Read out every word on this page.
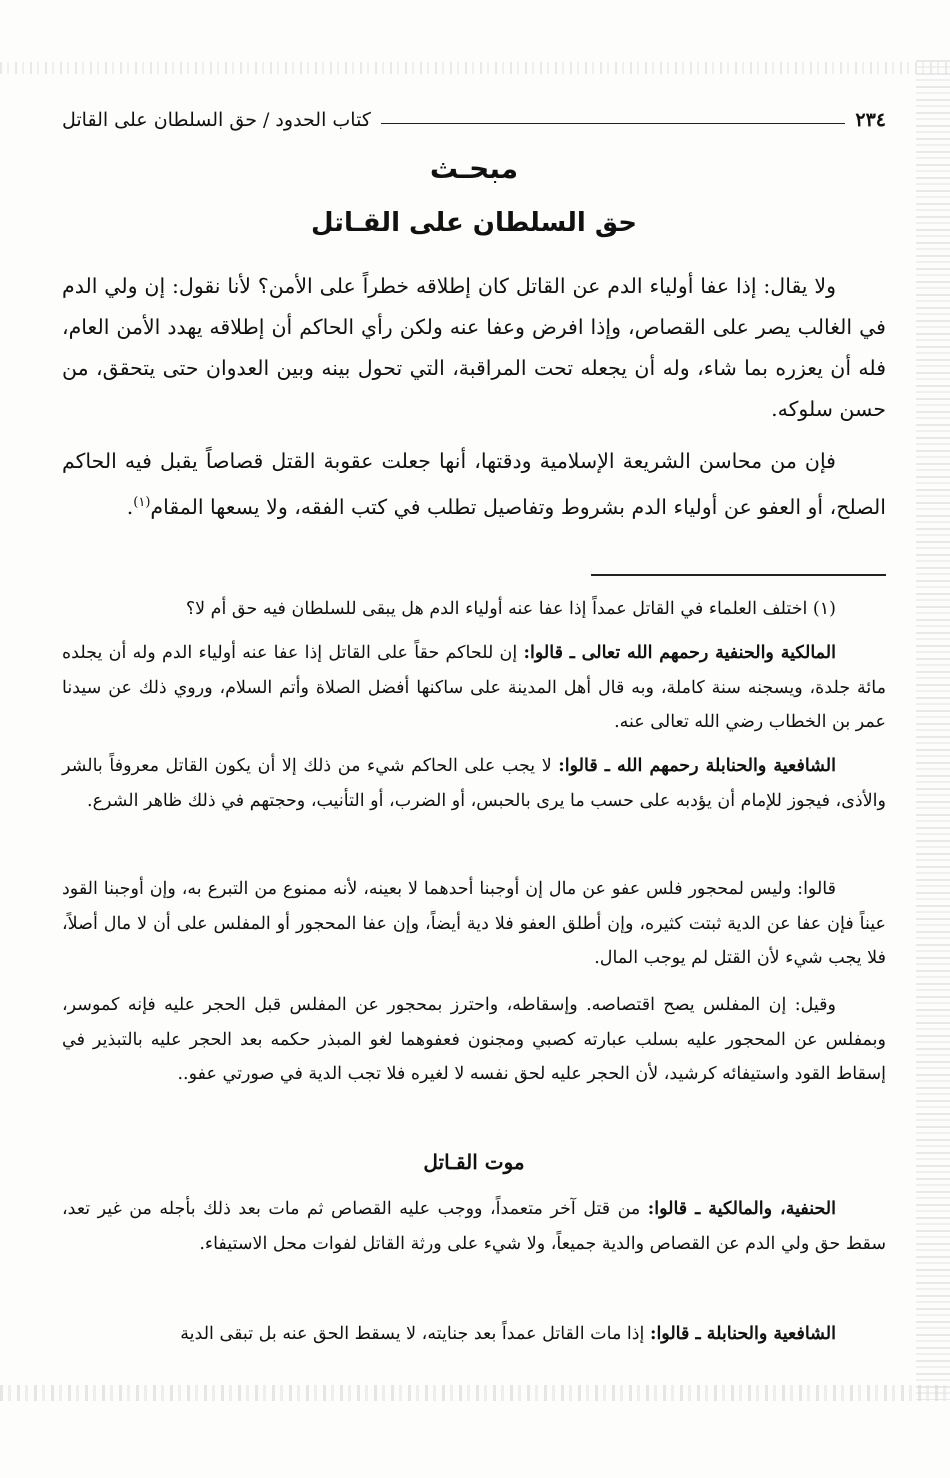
٢٣٤
كتاب الحدود / حق السلطان على القاتل
مبحـث
حق السلطان على القـاتل

ولا يقال: إذا عفا أولياء الدم عن القاتل كان إطلاقه خطراً على الأمن؟ لأنا نقول: إن ولي الدم في الغالب يصر على القصاص، وإذا افرض وعفا عنه ولكن رأي الحاكم أن إطلاقه يهدد الأمن العام، فله أن يعزره بما شاء، وله أن يجعله تحت المراقبة، التي تحول بينه وبين العدوان حتى يتحقق، من حسن سلوكه.

فإن من محاسن الشريعة الإسلامية ودقتها، أنها جعلت عقوبة القتل قصاصاً يقبل فيه الحاكم الصلح، أو العفو عن أولياء الدم بشروط وتفاصيل تطلب في كتب الفقه، ولا يسعها المقام$^{(١)}$.

(١) اختلف العلماء في القاتل عمداً إذا عفا عنه أولياء الدم هل يبقى للسلطان فيه حق أم لا؟

المالكية والحنفية رحمهم الله تعالى ـ قالوا: إن للحاكم حقاً على القاتل إذا عفا عنه أولياء الدم وله أن يجلده مائة جلدة، ويسجنه سنة كاملة، وبه قال أهل المدينة على ساكنها أفضل الصلاة وأتم السلام، وروي ذلك عن سيدنا عمر بن الخطاب رضي الله تعالى عنه.

الشافعية والحنابلة رحمهم الله ـ قالوا: لا يجب على الحاكم شيء من ذلك إلا أن يكون القاتل معروفاً بالشر والأذى، فيجوز للإمام أن يؤدبه على حسب ما يرى بالحبس، أو الضرب، أو التأنيب، وحجتهم في ذلك ظاهر الشرع.

قالوا: وليس لمحجور فلس عفو عن مال إن أوجبنا أحدهما لا بعينه، لأنه ممنوع من التبرع به، وإن أوجبنا القود عيناً فإن عفا عن الدية ثبتت كثيره، وإن أطلق العفو فلا دية أيضاً، وإن عفا المحجور أو المفلس على أن لا مال أصلاً، فلا يجب شيء لأن القتل لم يوجب المال.

وقيل: إن المفلس يصح اقتصاصه. وإسقاطه، واحترز بمحجور عن المفلس قبل الحجر عليه فإنه كموسر، وبمفلس عن المحجور عليه بسلب عبارته كصبي ومجنون فعفوهما لغو المبذر حكمه بعد الحجر عليه بالتبذير في إسقاط القود واستيفائه كرشيد، لأن الحجر عليه لحق نفسه لا لغيره فلا تجب الدية في صورتي عفو..

موت القـاتل

الحنفية، والمالكية ـ قالوا: من قتل آخر متعمداً، ووجب عليه القصاص ثم مات بعد ذلك بأجله من غير تعد، سقط حق ولي الدم عن القصاص والدية جميعاً، ولا شيء على ورثة القاتل لفوات محل الاستيفاء.

الشافعية والحنابلة ـ قالوا: إذا مات القاتل عمداً بعد جنايته، لا يسقط الحق عنه بل تبقى الدية
